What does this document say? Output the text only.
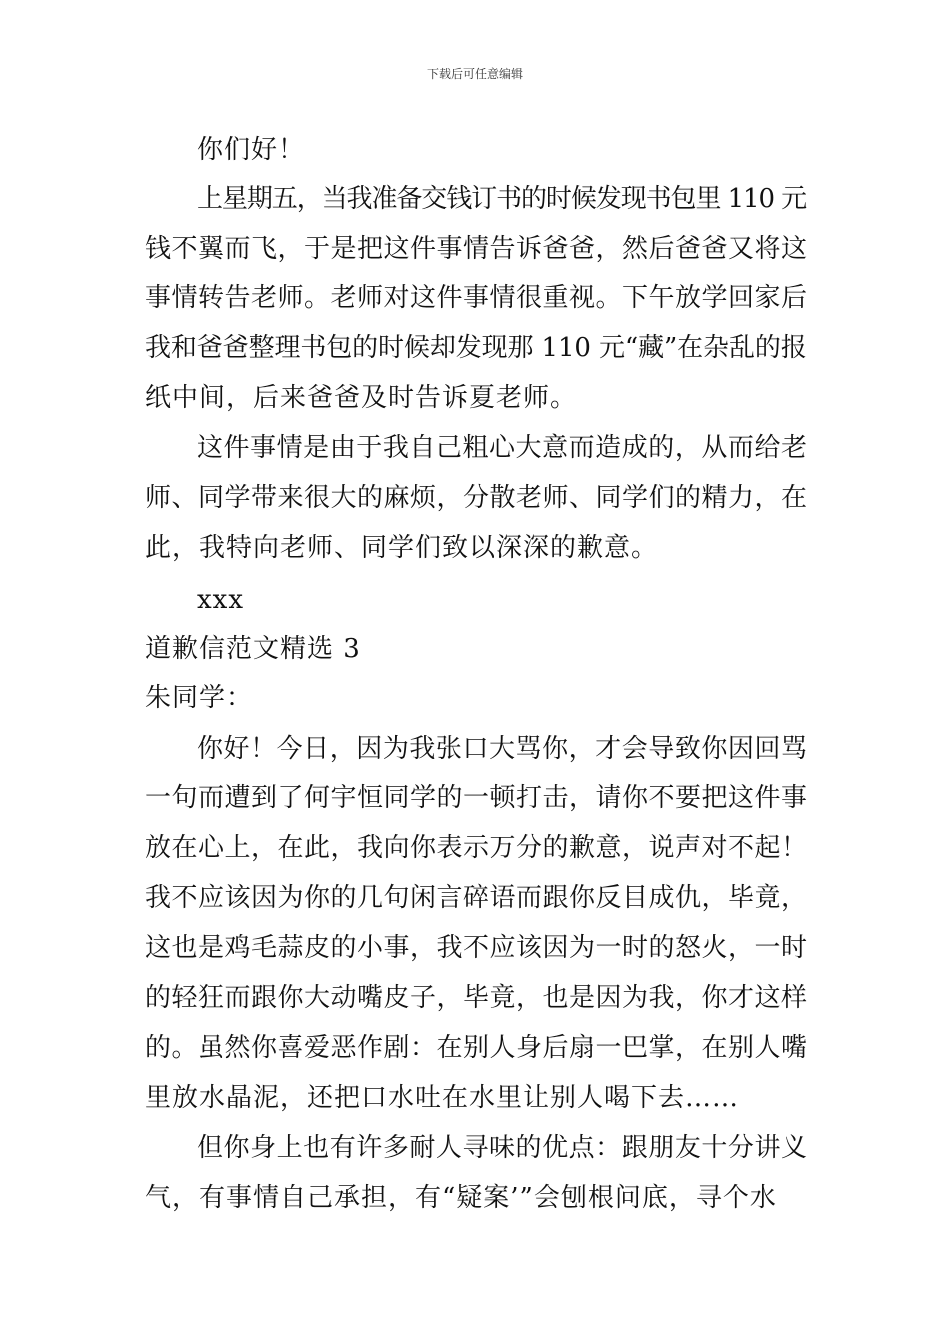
下载后可任意编辑
你们好！
上星期五，当我准备交钱订书的时候发现书包里 110 元
钱不翼而飞，于是把这件事情告诉爸爸，然后爸爸又将这
事情转告老师。老师对这件事情很重视。下午放学回家后
我和爸爸整理书包的时候却发现那 110 元“藏”在杂乱的报
纸中间，后来爸爸及时告诉夏老师。
这件事情是由于我自己粗心大意而造成的，从而给老
师、同学带来很大的麻烦，分散老师、同学们的精力，在
此，我特向老师、同学们致以深深的歉意。
xxx
道歉信范文精选 3
朱同学：
你好！今日，因为我张口大骂你，才会导致你因回骂
一句而遭到了何宇恒同学的一顿打击，请你不要把这件事
放在心上，在此，我向你表示万分的歉意，说声对不起！
我不应该因为你的几句闲言碎语而跟你反目成仇，毕竟，
这也是鸡毛蒜皮的小事，我不应该因为一时的怒火，一时
的轻狂而跟你大动嘴皮子，毕竟，也是因为我，你才这样
的。虽然你喜爱恶作剧：在别人身后扇一巴掌，在别人嘴
里放水晶泥，还把口水吐在水里让别人喝下去……
但你身上也有许多耐人寻味的优点：跟朋友十分讲义
气，有事情自己承担，有“疑案’”会刨根问底，寻个水
